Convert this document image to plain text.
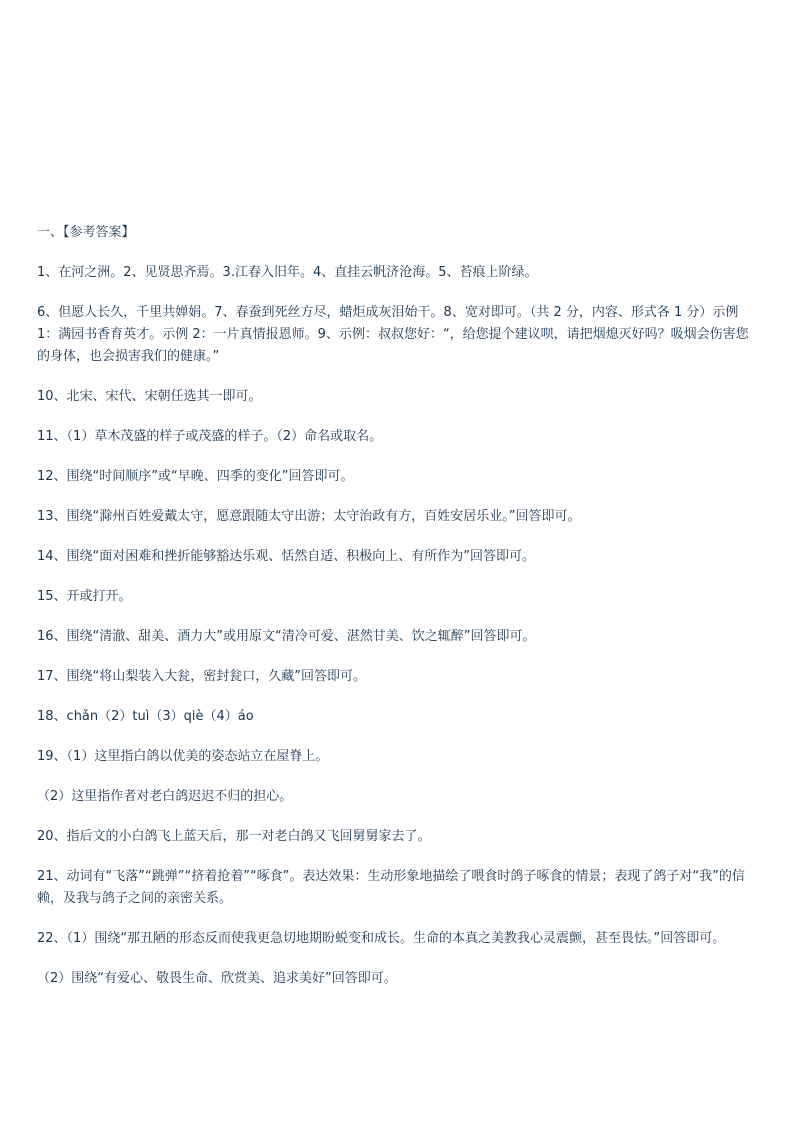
一、【参考答案】

1、在河之洲。2、见贤思齐焉。3.江春入旧年。4、直挂云帆济沧海。5、苔痕上阶绿。

6、但愿人长久，千里共婵娟。7、春蚕到死丝方尽，蜡炬成灰泪始干。8、宽对即可。（共 2 分，内容、形式各 1 分）示例 1：满园书香育英才。示例 2：一片真情报恩师。9、示例：叔叔您好：“，给您提个建议呗，请把烟熄灭好吗？吸烟会伤害您的身体，也会损害我们的健康。”

10、北宋、宋代、宋朝任选其一即可。

11、（1）草木茂盛的样子或茂盛的样子。（2）命名或取名。

12、围绕“时间顺序”或“早晚、四季的变化”回答即可。

13、围绕“滁州百姓爱戴太守，愿意跟随太守出游；太守治政有方，百姓安居乐业。”回答即可。

14、围绕“面对困难和挫折能够豁达乐观、恬然自适、积极向上、有所作为”回答即可。

15、开或打开。

16、围绕“清澈、甜美、酒力大”或用原文“清冷可爱、湛然甘美、饮之辄醉”回答即可。

17、围绕“将山梨装入大瓮，密封瓮口，久藏”回答即可。

18、chǎn（2）tuì（3）qiè（4）áo

19、（1）这里指白鸽以优美的姿态站立在屋脊上。

（2）这里指作者对老白鸽迟迟不归的担心。

20、指后文的小白鸽飞上蓝天后，那一对老白鸽又飞回舅舅家去了。

21、动词有“飞落”“跳弹”“挤着抢着”“啄食”。表达效果：生动形象地描绘了喂食时鸽子啄食的情景；表现了鸽子对“我”的信赖，及我与鸽子之间的亲密关系。

22、（1）围绕“那丑陋的形态反而使我更急切地期盼蜕变和成长。生命的本真之美教我心灵震颤，甚至畏怯。”回答即可。

（2）围绕“有爱心、敬畏生命、欣赏美、追求美好”回答即可。
